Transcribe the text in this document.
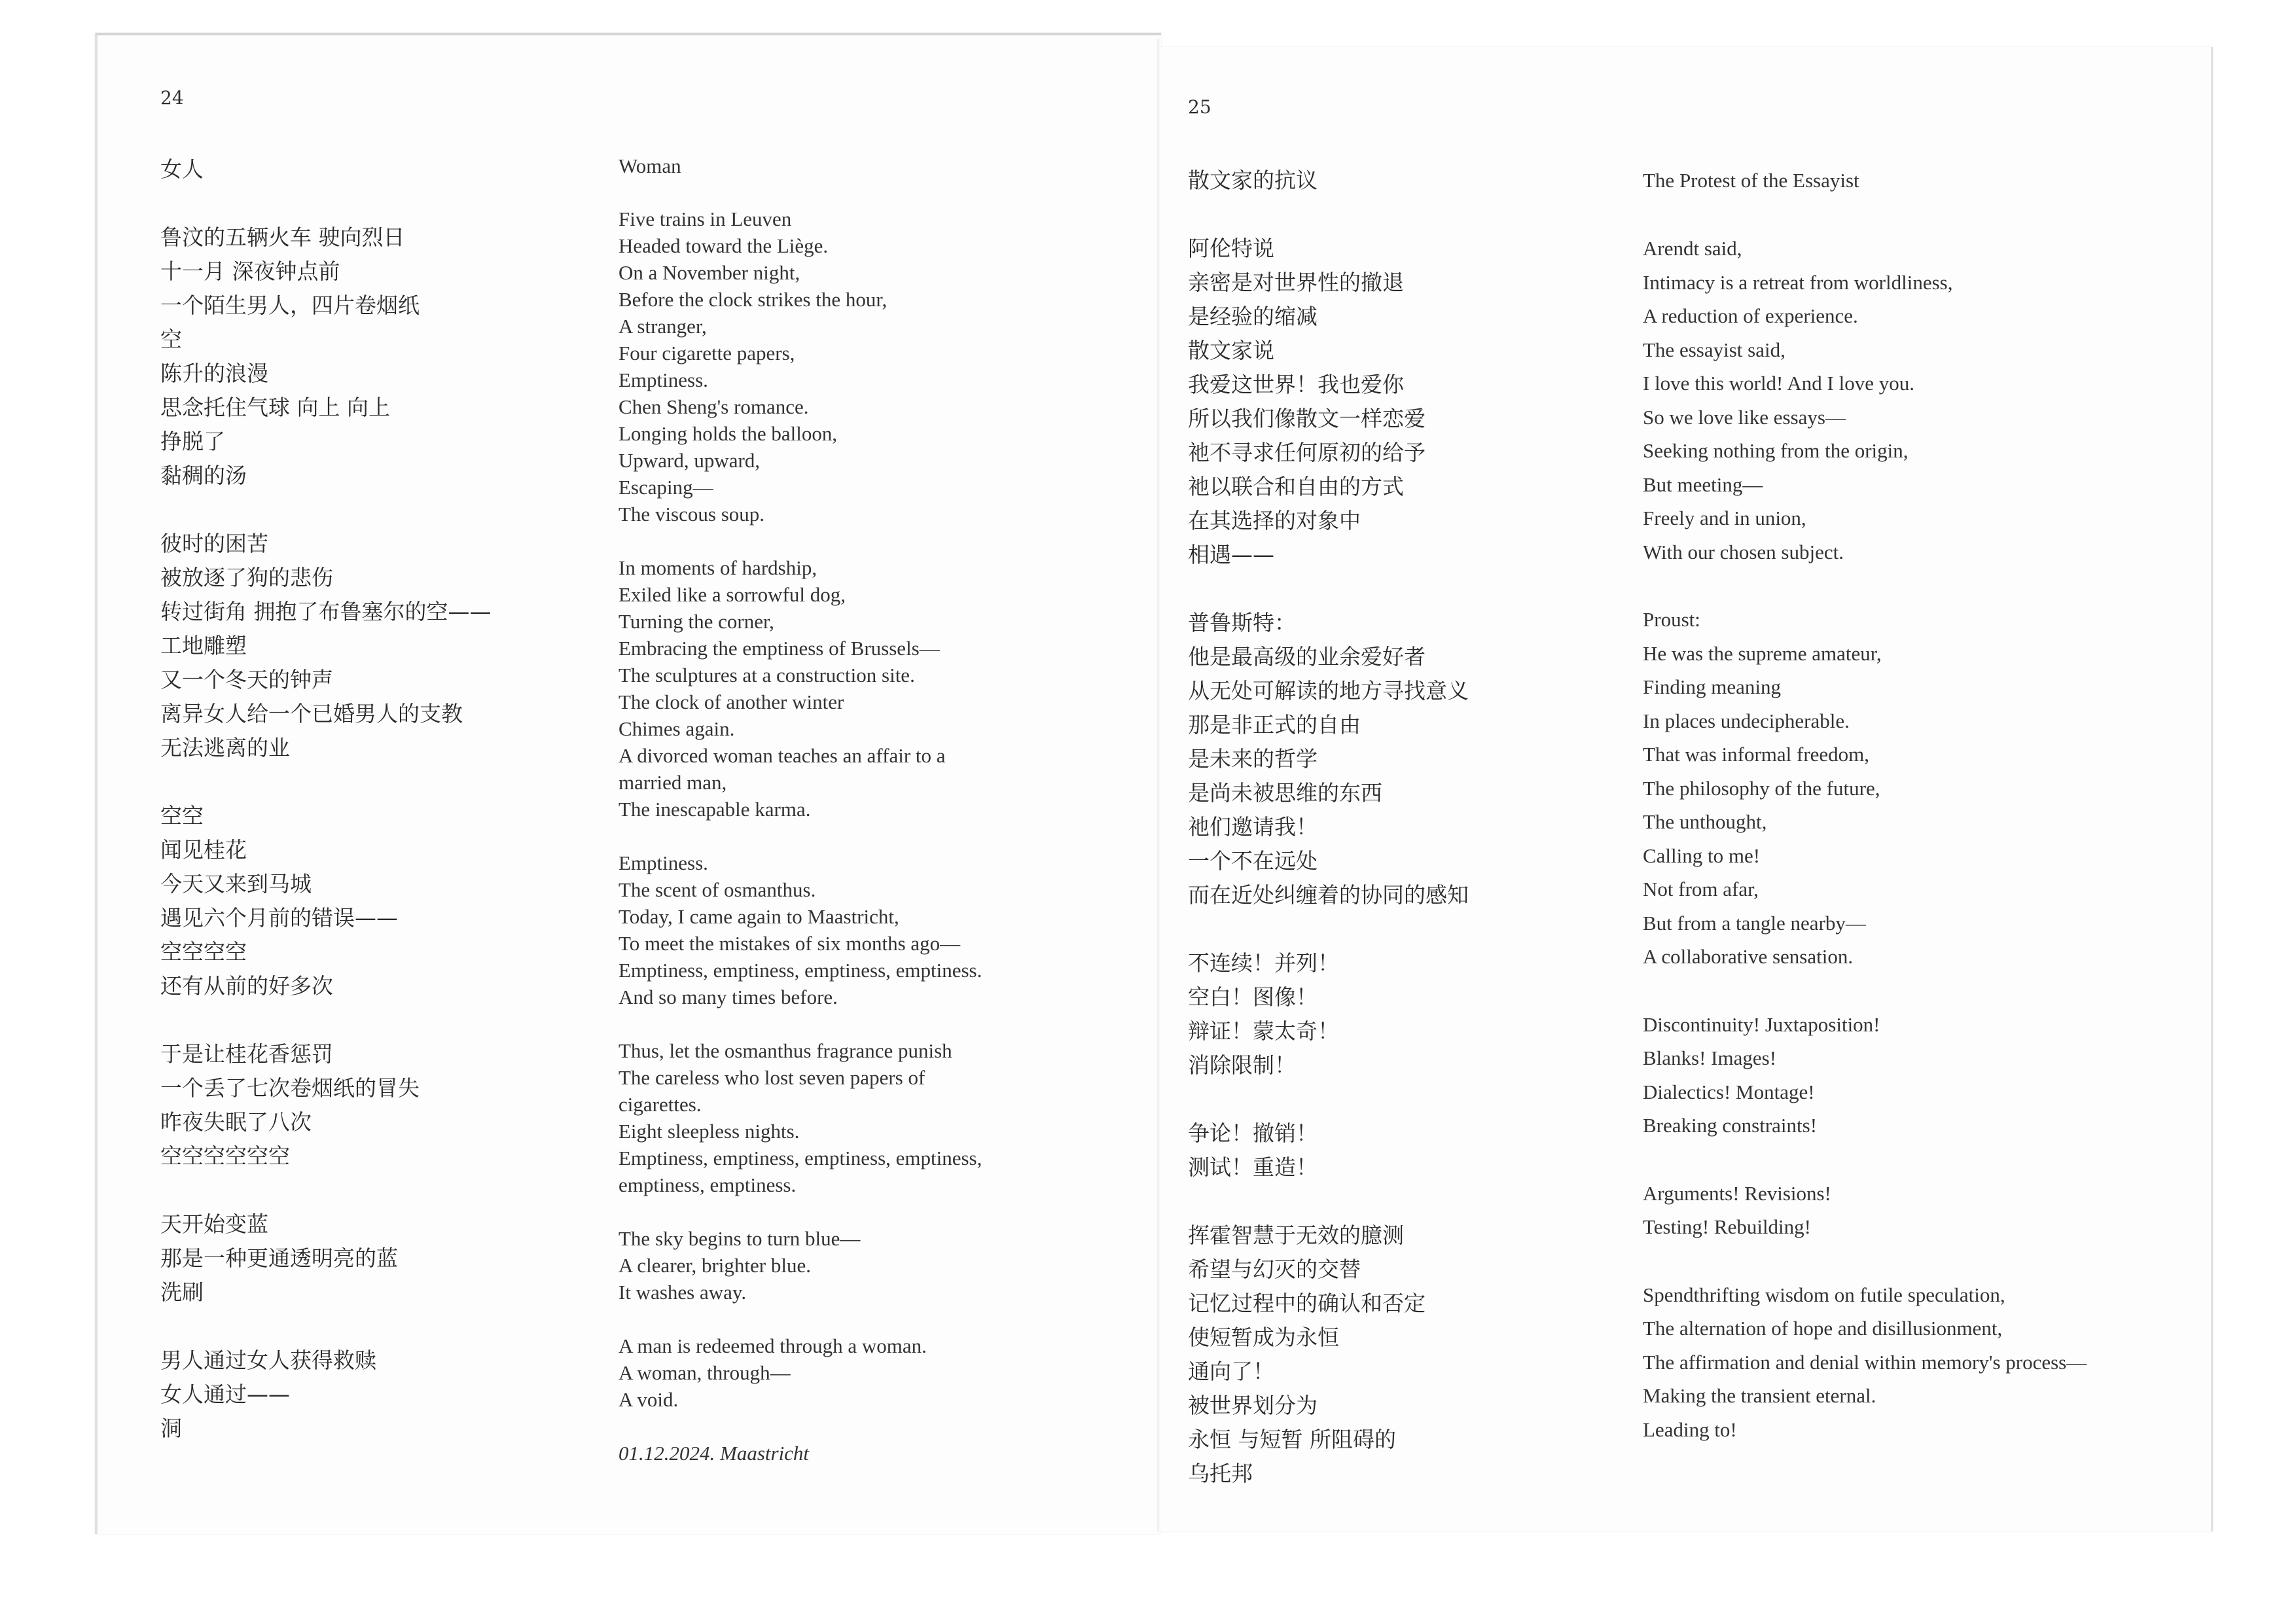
24	25
女人

鲁汶的五辆火车 驶向烈日

十一月 深夜钟点前

一个陌生男人，四片卷烟纸

空

陈升的浪漫

思念托住气球 向上 向上

挣脱了

黏稠的汤

彼时的困苦

被放逐了狗的悲伤

转过街角 拥抱了布鲁塞尔的空——

工地雕塑

又一个冬天的钟声

离异女人给一个已婚男人的支教

无法逃离的业

空空

闻见桂花

今天又来到马城

遇见六个月前的错误——

空空空空

还有从前的好多次

于是让桂花香惩罚

一个丢了七次卷烟纸的冒失

昨夜失眠了八次

空空空空空空

天开始变蓝

那是一种更通透明亮的蓝

洗刷

男人通过女人获得救赎

女人通过——

洞

Woman

Five trains in Leuven

Headed toward the Liège.

On a November night,

Before the clock strikes the hour,

A stranger,

Four cigarette papers,

Emptiness.

Chen Sheng's romance.

Longing holds the balloon,

Upward, upward,

Escaping—

The viscous soup.

In moments of hardship,

Exiled like a sorrowful dog,

Turning the corner,

Embracing the emptiness of Brussels—

The sculptures at a construction site.

The clock of another winter

Chimes again.

A divorced woman teaches an affair to a

married man,

The inescapable karma.

Emptiness.

The scent of osmanthus.

Today, I came again to Maastricht,

To meet the mistakes of six months ago—

Emptiness, emptiness, emptiness, emptiness.

And so many times before.

Thus, let the osmanthus fragrance punish

The careless who lost seven papers of

cigarettes.

Eight sleepless nights.

Emptiness, emptiness, emptiness, emptiness,

emptiness, emptiness.

The sky begins to turn blue—

A clearer, brighter blue.

It washes away.

A man is redeemed through a woman.

A woman, through—

A void.

01.12.2024. Maastricht

散文家的抗议

阿伦特说

亲密是对世界性的撤退

是经验的缩减

散文家说

我爱这世界！我也爱你

所以我们像散文一样恋爱

祂不寻求任何原初的给予

祂以联合和自由的方式

在其选择的对象中

相遇——

普鲁斯特：

他是最高级的业余爱好者

从无处可解读的地方寻找意义

那是非正式的自由

是未来的哲学

是尚未被思维的东西

祂们邀请我！

一个不在远处

而在近处纠缠着的协同的感知

不连续！并列！

空白！图像！

辩证！蒙太奇！

消除限制！

争论！撤销！

测试！重造！

挥霍智慧于无效的臆测

希望与幻灭的交替

记忆过程中的确认和否定

使短暂成为永恒

通向了！

被世界划分为

永恒 与短暂 所阻碍的

乌托邦

The Protest of the Essayist

Arendt said,

Intimacy is a retreat from worldliness,

A reduction of experience.

The essayist said,

I love this world! And I love you.

So we love like essays—

Seeking nothing from the origin,

But meeting—

Freely and in union,

With our chosen subject.

Proust:

He was the supreme amateur,

Finding meaning

In places undecipherable.

That was informal freedom,

The philosophy of the future,

The unthought,

Calling to me!

Not from afar,

But from a tangle nearby—

A collaborative sensation.

Discontinuity! Juxtaposition!

Blanks! Images!

Dialectics! Montage!

Breaking constraints!

Arguments! Revisions!

Testing! Rebuilding!

Spendthrifting wisdom on futile speculation,

The alternation of hope and disillusionment,

The affirmation and denial within memory's process—

Making the transient eternal.

Leading to!
